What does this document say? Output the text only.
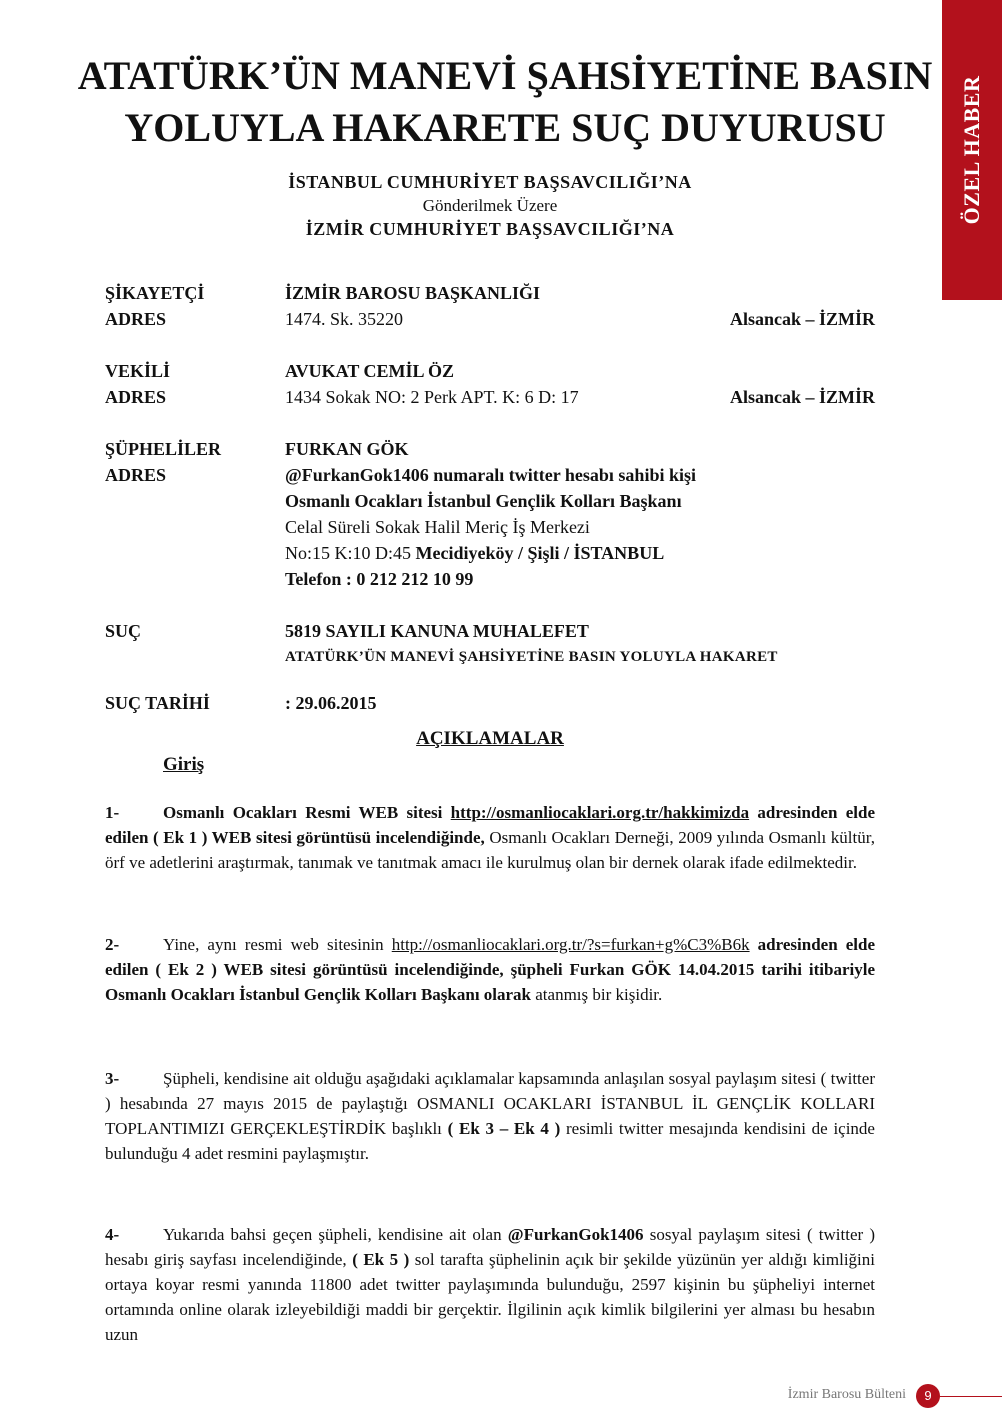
ÖZEL HABER
ATATÜRK’ÜN MANEVİ ŞAHSİYETİNE BASIN
YOLUYLA HAKARETE SUÇ DUYURUSU

İSTANBUL CUMHURİYET BAŞSAVCILIĞI’NA

Gönderilmek Üzere

İZMİR CUMHURİYET BAŞSAVCILIĞI’NA

ŞİKAYETÇİ	İZMİR BAROSU BAŞKANLIĞI
ADRES	1474. Sk. 35220	Alsancak – İZMİR
VEKİLİ	AVUKAT CEMİL ÖZ
ADRES	1434 Sokak NO: 2 Perk APT. K: 6 D: 17	Alsancak – İZMİR
ŞÜPHELİLER	FURKAN GÖK
ADRES	@FurkanGok1406 numaralı twitter hesabı sahibi kişi
Osmanlı Ocakları İstanbul Gençlik Kolları Başkanı
Celal Süreli Sokak Halil Meriç İş Merkezi
No:15 K:10 D:45 Mecidiyeköy / Şişli / İSTANBUL
Telefon : 0 212 212 10 99
SUÇ	5819 SAYILI KANUNA MUHALEFET
ATATÜRK’ÜN MANEVİ ŞAHSİYETİNE BASIN YOLUYLA HAKARET
SUÇ TARİHİ	: 29.06.2015
AÇIKLAMALAR
Giriş

1-	Osmanlı Ocakları Resmi WEB sitesi http://osmanliocaklari.org.tr/hakkimizda adresinden elde edilen ( Ek 1 ) WEB sitesi görüntüsü incelendiğinde, Osmanlı Ocakları Derneği, 2009 yılında Osmanlı kültür, örf ve adetlerini araştırmak, tanımak ve tanıtmak amacı ile kurulmuş olan bir dernek olarak ifade edilmektedir.

2-	Yine, aynı resmi web sitesinin http://osmanliocaklari.org.tr/?s=furkan+g%C3%B6k adresinden elde edilen ( Ek 2 ) WEB sitesi görüntüsü incelendiğinde, şüpheli Furkan GÖK 14.04.2015 tarihi itibariyle Osmanlı Ocakları İstanbul Gençlik Kolları Başkanı olarak atanmış bir kişidir.

3-	Şüpheli, kendisine ait olduğu aşağıdaki açıklamalar kapsamında anlaşılan sosyal paylaşım sitesi ( twitter ) hesabında 27 mayıs 2015 de paylaştığı OSMANLI OCAKLARI İSTANBUL İL GENÇLİK KOLLARI TOPLANTIMIZI GERÇEKLEŞTİRDİK başlıklı ( Ek 3 – Ek 4 ) resimli twitter mesajında kendisini de içinde bulunduğu 4 adet resmini paylaşmıştır.

4-	Yukarıda bahsi geçen şüpheli, kendisine ait olan @FurkanGok1406 sosyal paylaşım sitesi ( twitter ) hesabı giriş sayfası incelendiğinde, ( Ek 5 ) sol tarafta şüphelinin açık bir şekilde yüzünün yer aldığı kimliğini ortaya koyar resmi yanında 11800 adet twitter paylaşımında bulunduğu, 2597 kişinin bu şüpheliyi internet ortamında online olarak izleyebildiği maddi bir gerçektir. İlgilinin açık kimlik bilgilerini yer alması bu hesabın uzun

İzmir Barosu Bülteni	9
